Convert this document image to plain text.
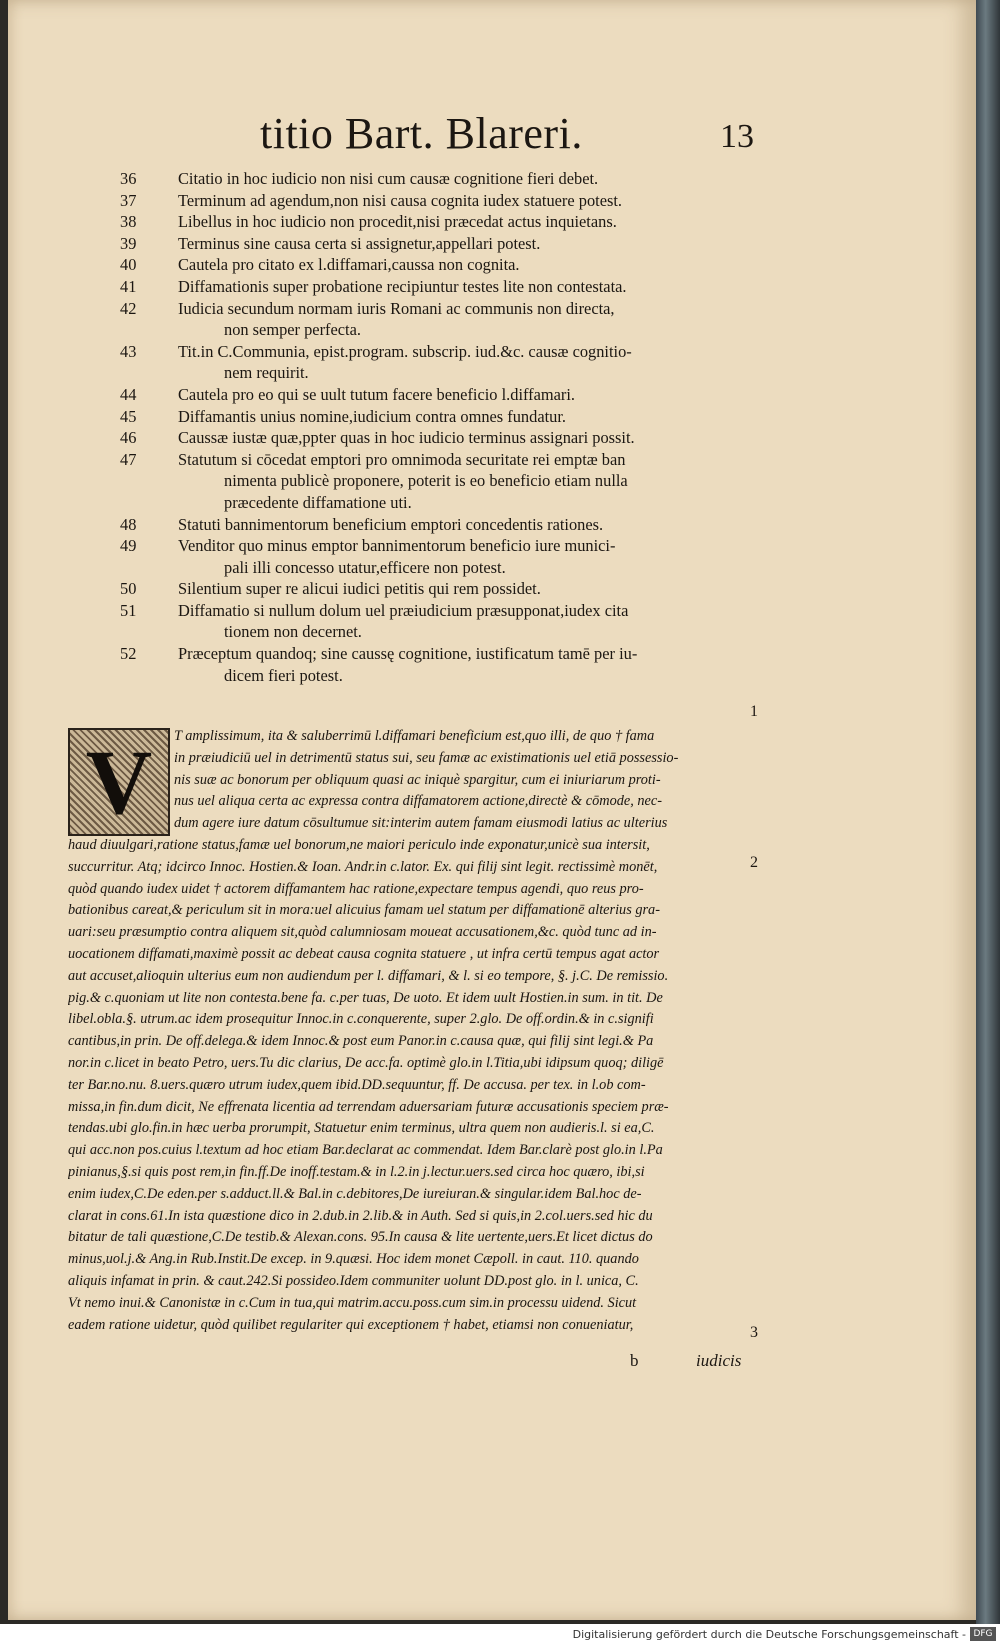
titio Bart. Blareri.	13
36	Citatio in hoc iudicio non nisi cum causæ cognitione fieri debet.
37	Terminum ad agendum,non nisi causa cognita iudex statuere potest.
38	Libellus in hoc iudicio non procedit,nisi præcedat actus inquietans.
39	Terminus sine causa certa si assignetur,appellari potest.
40	Cautela pro citato ex l.diffamari,caussa non cognita.
41	Diffamationis super probatione recipiuntur testes lite non contestata.
42	Iudicia secundum normam iuris Romani ac communis non directa,
non semper perfecta.
43	Tit.in C.Communia, epist.program. subscrip. iud.&c. causæ cognitio-
nem requirit.
44	Cautela pro eo qui se uult tutum facere beneficio l.diffamari.
45	Diffamantis unius nomine,iudicium contra omnes fundatur.
46	Caussæ iustæ quæ,ppter quas in hoc iudicio terminus assignari possit.
47	Statutum si cōcedat emptori pro omnimoda securitate rei emptæ ban
nimenta publicè proponere, poterit is eo beneficio etiam nulla
præcedente diffamatione uti.
48	Statuti bannimentorum beneficium emptori concedentis rationes.
49	Venditor quo minus emptor bannimentorum beneficio iure munici-
pali illi concesso utatur,efficere non potest.
50	Silentium super re alicui iudici petitis qui rem possidet.
51	Diffamatio si nullum dolum uel præiudicium præsupponat,iudex cita
tionem non decernet.
52	Præceptum quandoq; sine caussę cognitione, iustificatum tamē per iu-
dicem fieri potest.
V	T amplissimum, ita & saluberrimū l.diffamari beneficium est,quo illi, de quo † fama
in præiudiciū uel in detrimentū status sui, seu famæ ac existimationis uel etiā possessio-
nis suæ ac bonorum per obliquum quasi ac iniquè spargitur, cum ei iniuriarum proti-
nus uel aliqua certa ac expressa contra diffamatorem actione,directè & cōmode, nec-
dum agere iure datum cōsultumue sit:interim autem famam eiusmodi latius ac ulterius
haud diuulgari,ratione status,famæ uel bonorum,ne maiori periculo inde exponatur,unicè sua intersit,
succurritur. Atq; idcirco Innoc. Hostien.& Ioan. Andr.in c.lator. Ex. qui filij sint legit. rectissimè monēt,
quòd quando iudex uidet † actorem diffamantem hac ratione,expectare tempus agendi, quo reus pro-
bationibus careat,& periculum sit in mora:uel alicuius famam uel statum per diffamationē alterius gra-
uari:seu præsumptio contra aliquem sit,quòd calumniosam moueat accusationem,&c. quòd tunc ad in-
uocationem diffamati,maximè possit ac debeat causa cognita statuere , ut infra certū tempus agat actor
aut accuset,alioquin ulterius eum non audiendum per l. diffamari, & l. si eo tempore, §. j.C. De remissio.
pig.& c.quoniam ut lite non contesta.bene fa. c.per tuas, De uoto. Et idem uult Hostien.in sum. in tit. De
libel.obla.§. utrum.ac idem prosequitur Innoc.in c.conquerente, super 2.glo. De off.ordin.& in c.signifi
cantibus,in prin. De off.delega.& idem Innoc.& post eum Panor.in c.causa quæ, qui filij sint legi.& Pa
nor.in c.licet in beato Petro, uers.Tu dic clarius, De acc.fa. optimè glo.in l.Titia,ubi idipsum quoq; diligē
ter Bar.no.nu. 8.uers.quæro utrum iudex,quem ibid.DD.sequuntur, ff. De accusa. per tex. in l.ob com-
missa,in fin.dum dicit, Ne effrenata licentia ad terrendam aduersariam futuræ accusationis speciem præ-
tendas.ubi glo.fin.in hæc uerba prorumpit, Statuetur enim terminus, ultra quem non audieris.l. si ea,C.
qui acc.non pos.cuius l.textum ad hoc etiam Bar.declarat ac commendat. Idem Bar.clarè post glo.in l.Pa
pinianus,§.si quis post rem,in fin.ff.De inoff.testam.& in l.2.in j.lectur.uers.sed circa hoc quæro, ibi,si
enim iudex,C.De eden.per s.adduct.ll.& Bal.in c.debitores,De iureiuran.& singular.idem Bal.hoc de-
clarat in cons.61.In ista quæstione dico in 2.dub.in 2.lib.& in Auth. Sed si quis,in 2.col.uers.sed hic du
bitatur de tali quæstione,C.De testib.& Alexan.cons. 95.In causa & lite uertente,uers.Et licet dictus do
minus,uol.j.& Ang.in Rub.Instit.De excep. in 9.quæsi. Hoc idem monet Cæpoll. in caut. 110. quando
aliquis infamat in prin. & caut.242.Si possideo.Idem communiter uolunt DD.post glo. in l. unica, C.
Vt nemo inui.& Canonistæ in c.Cum in tua,qui matrim.accu.poss.cum sim.in processu uidend. Sicut
eadem ratione uidetur, quòd quilibet regulariter qui exceptionem † habet, etiamsi non conueniatur,
1
2
3
b	iudicis
Digitalisierung gefördert durch die Deutsche Forschungsgemeinschaft - DFG
